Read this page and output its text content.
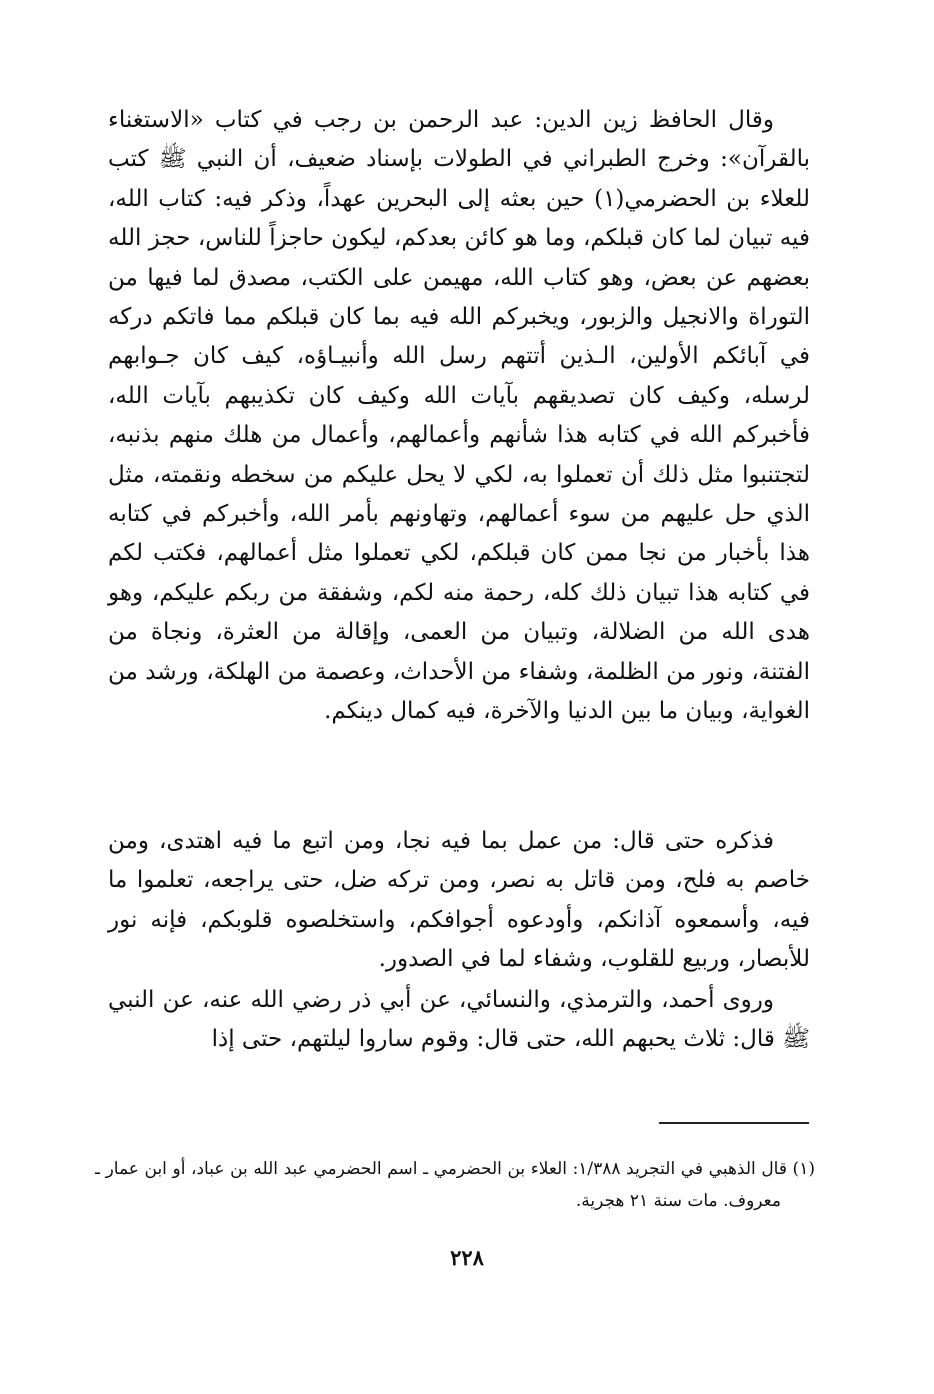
وقال الحافظ زين الدين: عبد الرحمن بن رجب في كتاب «الاستغناء بالقرآن»: وخرج الطبراني في الطولات بإسناد ضعيف، أن النبي ﷺ كتب للعلاء بن الحضرمي(١) حين بعثه إلى البحرين عهداً، وذكر فيه: كتاب الله، فيه تبيان لما كان قبلكم، وما هو كائن بعدكم، ليكون حاجزاً للناس، حجز الله بعضهم عن بعض، وهو كتاب الله، مهيمن على الكتب، مصدق لما فيها من التوراة والانجيل والزبور، ويخبركم الله فيه بما كان قبلكم مما فاتكم دركه في آبائكم الأولين، الـذين أتتهم رسل الله وأنبيـاؤه، كيف كان جـوابهم لرسله، وكيف كان تصديقهم بآيات الله وكيف كان تكذيبهم بآيات الله، فأخبركم الله في كتابه هذا شأنهم وأعمالهم، وأعمال من هلك منهم بذنبه، لتجتنبوا مثل ذلك أن تعملوا به، لكي لا يحل عليكم من سخطه ونقمته، مثل الذي حل عليهم من سوء أعمالهم، وتهاونهم بأمر الله، وأخبركم في كتابه هذا بأخبار من نجا ممن كان قبلكم، لكي تعملوا مثل أعمالهم، فكتب لكم في كتابه هذا تبيان ذلك كله، رحمة منه لكم، وشفقة من ربكم عليكم، وهو هدى الله من الضلالة، وتبيان من العمى، وإقالة من العثرة، ونجاة من الفتنة، ونور من الظلمة، وشفاء من الأحداث، وعصمة من الهلكة، ورشد من الغواية، وبيان ما بين الدنيا والآخرة، فيه كمال دينكم.

فذكره حتى قال: من عمل بما فيه نجا، ومن اتبع ما فيه اهتدى، ومن خاصم به فلح، ومن قاتل به نصر، ومن تركه ضل، حتى يراجعه، تعلموا ما فيه، وأسمعوه آذانكم، وأودعوه أجوافكم، واستخلصوه قلوبكم، فإنه نور للأبصار، وربيع للقلوب، وشفاء لما في الصدور.

وروى أحمد، والترمذي، والنسائي، عن أبي ذر رضي الله عنه، عن النبي ﷺ قال: ثلاث يحبهم الله، حتى قال: وقوم ساروا ليلتهم، حتى إذا

(١) قال الذهبي في التجريد ١/٣٨٨: العلاء بن الحضرمي ـ اسم الحضرمي عبد الله بن عباد، أو ابن عمار ـ معروف. مات سنة ٢١ هجرية.

٢٢٨
